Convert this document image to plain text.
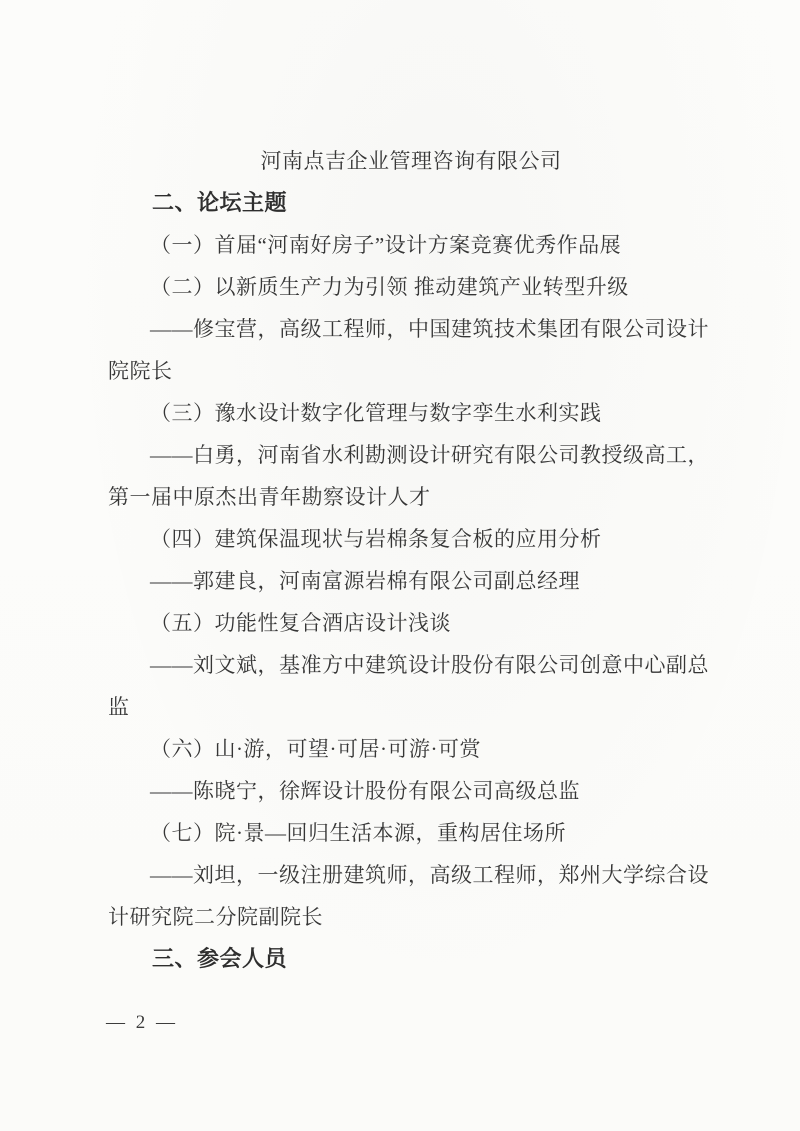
河南点吉企业管理咨询有限公司
二、论坛主题
（一）首届“河南好房子”设计方案竞赛优秀作品展
（二）以新质生产力为引领 推动建筑产业转型升级
——修宝营，高级工程师，中国建筑技术集团有限公司设计
院院长
（三）豫水设计数字化管理与数字孪生水利实践
——白勇，河南省水利勘测设计研究有限公司教授级高工，
第一届中原杰出青年勘察设计人才
（四）建筑保温现状与岩棉条复合板的应用分析
——郭建良，河南富源岩棉有限公司副总经理
（五）功能性复合酒店设计浅谈
——刘文斌，基准方中建筑设计股份有限公司创意中心副总
监
（六）山·游，可望·可居·可游·可赏
——陈晓宁，徐辉设计股份有限公司高级总监
（七）院·景—回归生活本源，重构居住场所
——刘坦，一级注册建筑师，高级工程师，郑州大学综合设
计研究院二分院副院长
三、参会人员
— 2 —
